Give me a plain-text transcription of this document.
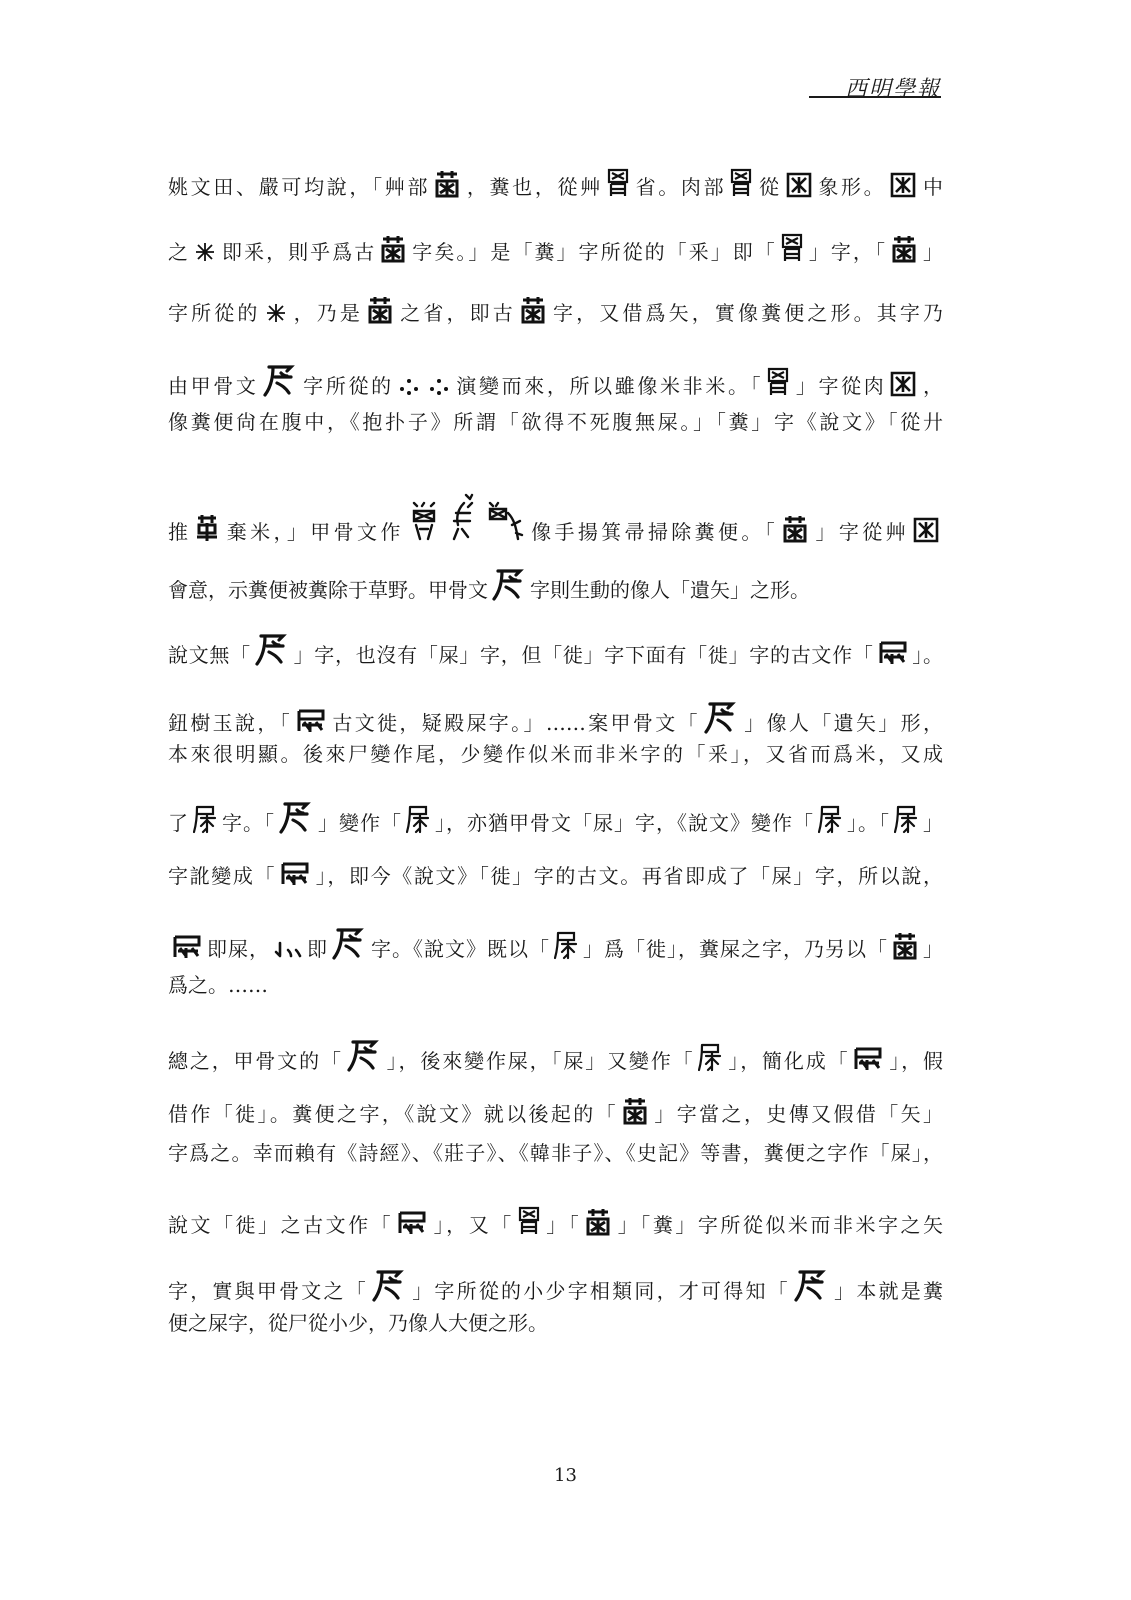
西明學報
姚文田、嚴可均說，「艸部 ，糞也，從艸 省。肉部 從 象形。 中
之 即釆，則乎爲古 字矣。」是「糞」字所從的「釆」即「 」字，「 」
字所從的 ，乃是 之省，即古 字，又借爲矢，實像糞便之形。其字乃
由甲骨文 字所從的	演變而來，所以雖像米非米。「 」字從肉 ，
像糞便尙在腹中，《抱扑子》所謂「欲得不死腹無屎。」「糞」字《說文》「從廾
推 棄米，」甲骨文作	像手揚箕帚掃除糞便。「 」字從艸
會意，示糞便被糞除于草野。甲骨文 字則生動的像人「遺矢」之形。
說文無「 」字，也沒有「屎」字，但「徙」字下面有「徙」字的古文作「 」。
鈕樹玉說，「 古文徙，疑殿屎字。」……案甲骨文「 」像人「遺矢」形，
本來很明顯。後來尸變作尾，少變作似米而非米字的「釆」，又省而爲米，又成
了 字。「 」變作「 」，亦猶甲骨文「尿」字，《說文》變作「 」。「 」
字訛變成「 」，即今《說文》「徙」字的古文。再省即成了「屎」字，所以說，
即屎， 即 字。《說文》既以「 」爲「徙」，糞屎之字，乃另以「 」
爲之。……
總之，甲骨文的「 」，後來變作屎，「屎」又變作「 」，簡化成「 」，假
借作「徙」。糞便之字，《說文》就以後起的「 」字當之，史傳又假借「矢」
字爲之。幸而賴有《詩經》、《莊子》、《韓非子》、《史記》等書，糞便之字作「屎」，
說文「徙」之古文作「 」，又「 」「 」「糞」字所從似米而非米字之矢
字，實與甲骨文之「 」字所從的小少字相類同，才可得知「 」本就是糞
便之屎字，從尸從小少，乃像人大便之形。
13
